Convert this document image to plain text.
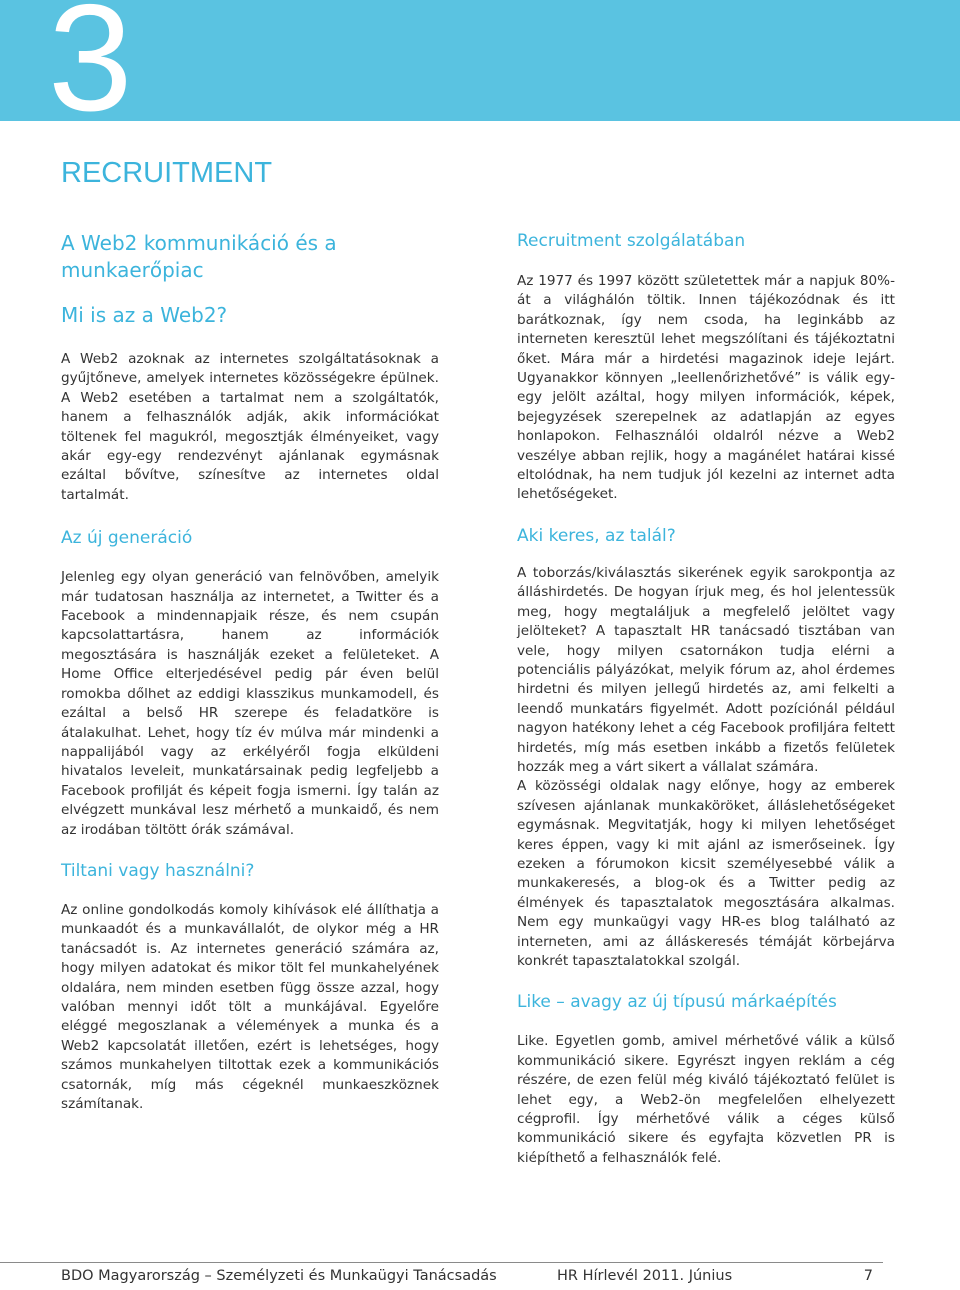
3
RECRUITMENT
A Web2 kommunikáció és a munkaerőpiac
Mi is az a Web2?

A Web2 azoknak az internetes szolgáltatásoknak a gyűjtőneve, amelyek internetes közösségekre épülnek. A Web2 esetében a tartalmat nem a szolgáltatók, hanem a felhasználók adják, akik információkat töltenek fel magukról, megosztják élményeiket, vagy akár egy-egy rendezvényt ajánlanak egymásnak ezáltal bővítve, színesítve az internetes oldal tartalmát.

Az új generáció

Jelenleg egy olyan generáció van felnövőben, amelyik már tudatosan használja az internetet, a Twitter és a Facebook a mindennapjaik része, és nem csupán kapcsolattartásra, hanem az információk megosztására is használják ezeket a felületeket. A Home Office elterjedésével pedig pár éven belül romokba dőlhet az eddigi klasszikus munkamodell, és ezáltal a belső HR szerepe és feladatköre is átalakulhat. Lehet, hogy tíz év múlva már mindenki a nappalijából vagy az erkélyéről fogja elküldeni hivatalos leveleit, munkatársainak pedig legfeljebb a Facebook profilját és képeit fogja ismerni. Így talán az elvégzett munkával lesz mérhető a munkaidő, és nem az irodában töltött órák számával.

Tiltani vagy használni?

Az online gondolkodás komoly kihívások elé állíthatja a munkaadót és a munkavállalót, de olykor még a HR tanácsadót is. Az internetes generáció számára az, hogy milyen adatokat és mikor tölt fel munkahelyének oldalára, nem minden esetben függ össze azzal, hogy valóban mennyi időt tölt a munkájával. Egyelőre eléggé megoszlanak a vélemények a munka és a Web2 kapcsolatát illetően, ezért is lehetséges, hogy számos munkahelyen tiltottak ezek a kommunikációs csatornák, míg más cégeknél munkaeszköznek számítanak.

Recruitment szolgálatában

Az 1977 és 1997 között születettek már a napjuk 80%-át a világhálón töltik. Innen tájékozódnak és itt barátkoznak, így nem csoda, ha leginkább az interneten keresztül lehet megszólítani és tájékoztatni őket. Mára már a hirdetési magazinok ideje lejárt. Ugyanakkor könnyen „leellenőrizhetővé” is válik egy-egy jelölt azáltal, hogy milyen információk, képek, bejegyzések szerepelnek az adatlapján az egyes honlapokon. Felhasználói oldalról nézve a Web2 veszélye abban rejlik, hogy a magánélet határai kissé eltolódnak, ha nem tudjuk jól kezelni az internet adta lehetőségeket.

Aki keres, az talál?

A toborzás/kiválasztás sikerének egyik sarokpontja az álláshirdetés. De hogyan írjuk meg, és hol jelentessük meg, hogy megtaláljuk a megfelelő jelöltet vagy jelölteket? A tapasztalt HR tanácsadó tisztában van vele, hogy milyen csatornákon tudja elérni a potenciális pályázókat, melyik fórum az, ahol érdemes hirdetni és milyen jellegű hirdetés az, ami felkelti a leendő munkatárs figyelmét. Adott pozíciónál például nagyon hatékony lehet a cég Facebook profiljára feltett hirdetés, míg más esetben inkább a fizetős felületek hozzák meg a várt sikert a vállalat számára.

A közösségi oldalak nagy előnye, hogy az emberek szívesen ajánlanak munkaköröket, álláslehetőségeket egymásnak. Megvitatják, hogy ki milyen lehetőséget keres éppen, vagy ki mit ajánl az ismerőseinek. Így ezeken a fórumokon kicsit személyesebbé válik a munkakeresés, a blog-ok és a Twitter pedig az élmények és tapasztalatok megosztására alkalmas. Nem egy munkaügyi vagy HR-es blog található az interneten, ami az álláskeresés témáját körbejárva konkrét tapasztalatokkal szolgál.

Like – avagy az új típusú márkaépítés

Like. Egyetlen gomb, amivel mérhetővé válik a külső kommunikáció sikere. Egyrészt ingyen reklám a cég részére, de ezen felül még kiváló tájékoztató felület is lehet egy, a Web2-ön megfelelően elhelyezett cégprofil. Így mérhetővé válik a céges külső kommunikáció sikere és egyfajta közvetlen PR is kiépíthető a felhasználók felé.

BDO Magyarország – Személyzeti és Munkaügyi Tanácsadás	HR Hírlevél 2011. Június	7
